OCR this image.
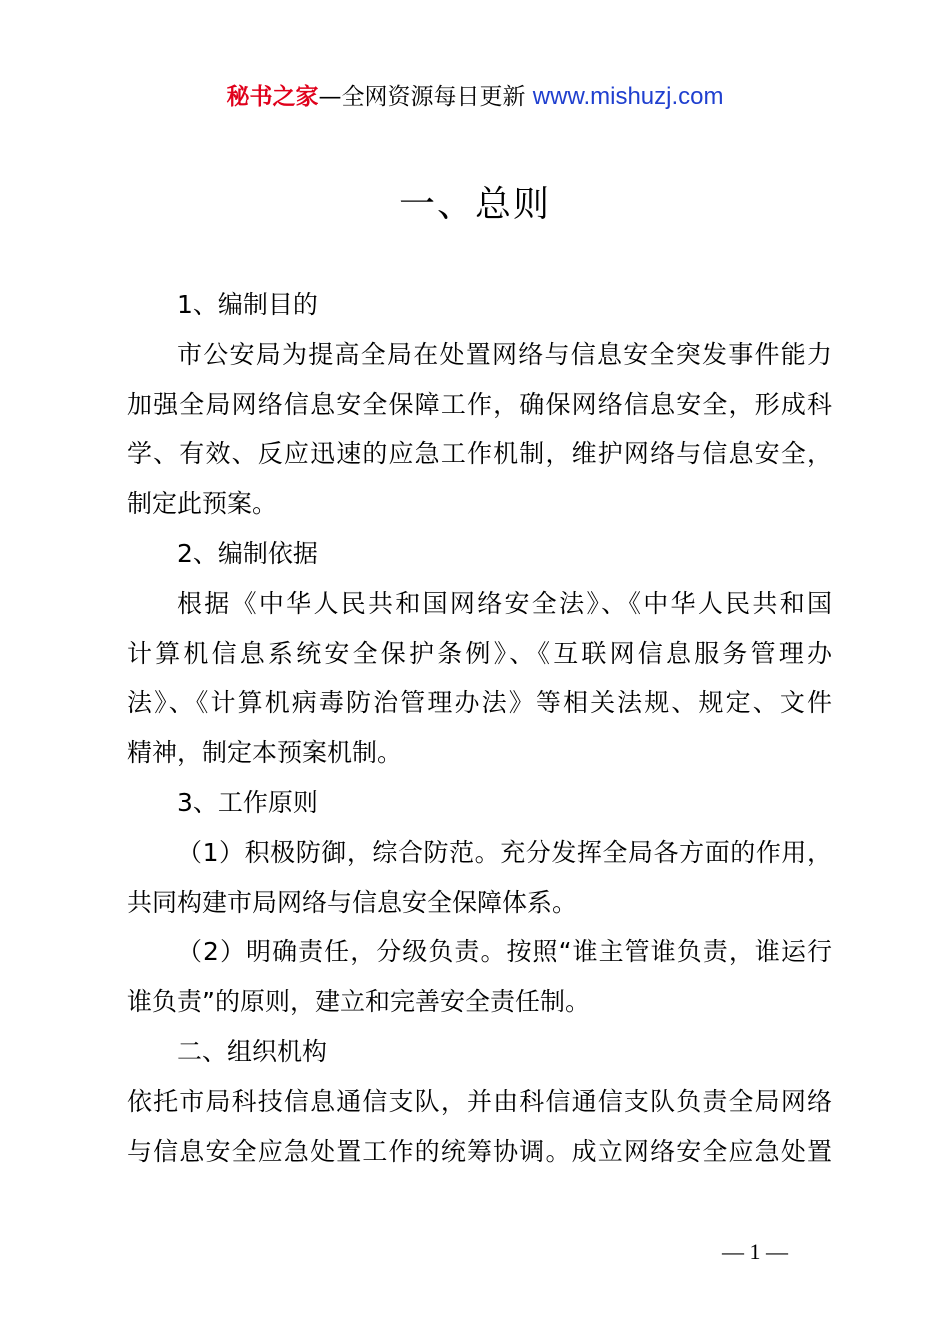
秘书之家—全网资源每日更新 www.mishuzj.com
一、总则
1、编制目的
市公安局为提高全局在处置网络与信息安全突发事件能力
加强全局网络信息安全保障工作，确保网络信息安全，形成科
学、有效、反应迅速的应急工作机制，维护网络与信息安全，
制定此预案。
2、编制依据
根据《中华人民共和国网络安全法》、《中华人民共和国
计算机信息系统安全保护条例》、《互联网信息服务管理办
法》、《计算机病毒防治管理办法》等相关法规、规定、文件
精神，制定本预案机制。
3、工作原则
（1）积极防御，综合防范。充分发挥全局各方面的作用，
共同构建市局网络与信息安全保障体系。
（2）明确责任，分级负责。按照“谁主管谁负责，谁运行
谁负责”的原则，建立和完善安全责任制。
二、组织机构
依托市局科技信息通信支队，并由科信通信支队负责全局网络
与信息安全应急处置工作的统筹协调。成立网络安全应急处置
— 1 —
